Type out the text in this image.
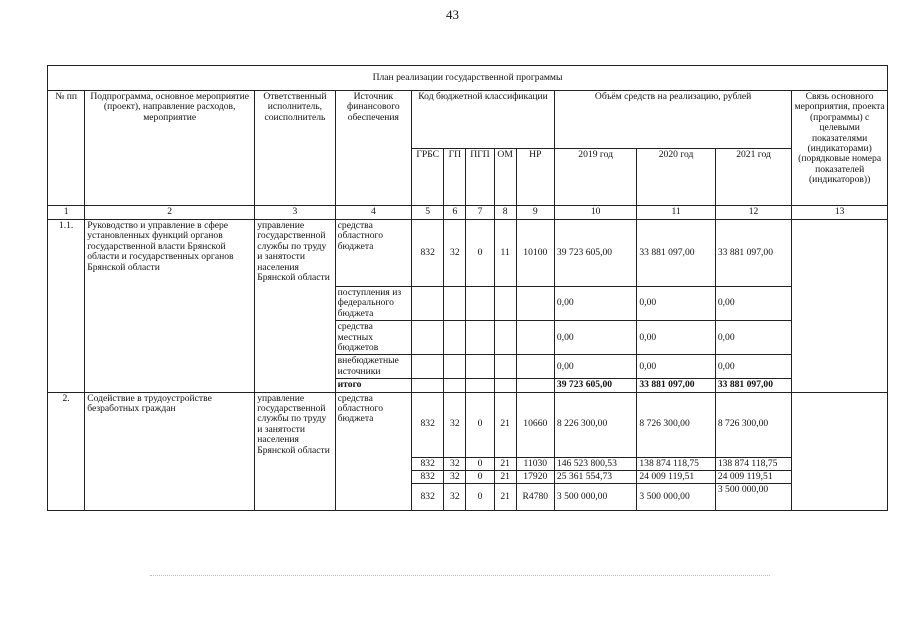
43
План реализации государственной программы												
№ пп	Подпрограмма, основное мероприятие (проект), направление расходов, мероприятие	Ответственный исполнитель, соисполнитель	Источник финансового обеспечения	Код бюджетной классификации					Объём средств на реализацию, рублей			Связь основного мероприятия, проекта (программы) с целевыми показателями (индикаторами) (порядковые номера показателей (индикаторов))
				ГРБС	ГП	ПГП	ОМ	НР	2019 год	2020 год	2021 год	
1	2	3	4	5	6	7	8	9	10	11	12	13
1.1.	Руководство и управление в сфере установленных функций органов государственной власти Брянской области и государственных органов Брянской области	управление государственной службы по труду и занятости населения Брянской области	средства областного бюджета	832	32	0	11	10100	39 723 605,00	33 881 097,00	33 881 097,00	
			поступления из федерального бюджета						0,00	0,00	0,00	
			средства местных бюджетов						0,00	0,00	0,00	
			внебюджетные источники						0,00	0,00	0,00	
			итого						39 723 605,00	33 881 097,00	33 881 097,00	
2.	Содействие в трудоустройстве безработных граждан	управление государственной службы по труду и занятости населения Брянской области	средства областного бюджета	832	32	0	21	10660	8 226 300,00	8 726 300,00	8 726 300,00	
				832	32	0	21	11030	146 523 800,53	138 874 118,75	138 874 118,75	
				832	32	0	21	17920	25 361 554,73	24 009 119,51	24 009 119,51	
				832	32	0	21	R4780	3 500 000,00	3 500 000,00	3 500 000,00	
